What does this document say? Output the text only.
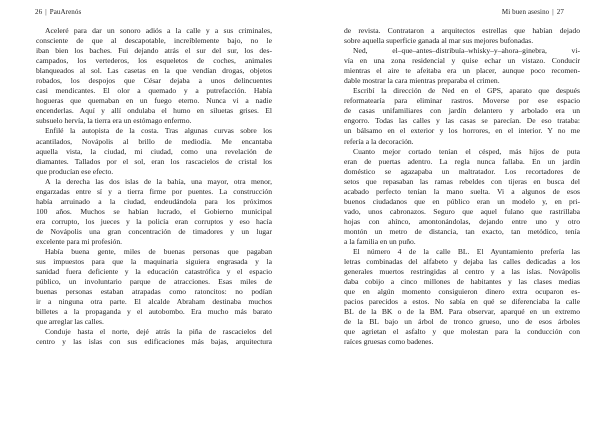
26 | PauArenós
Aceleré para dar un sonoro adiós a la calle y a sus criminales,
consciente de que al descapotable, increíblemente bajo, no le
iban bien los baches. Fui dejando atrás el sur del sur, los des-
campados, los vertederos, los esqueletos de coches, animales
blanqueados al sol. Las casetas en la que vendían drogas, objetos
robados, los despojos que César dejaba a unos delincuentes
casi mendicantes. El olor a quemado y a putrefacción. Había
hogueras que quemaban en un fuego eterno. Nunca vi a nadie
encenderlas. Aquí y allí ondulaba el humo en siluetas grises. El
subsuelo hervía, la tierra era un estómago enfermo.
Enfilé la autopista de la costa. Tras algunas curvas sobre los
acantilados, Novápolis al brillo de mediodía. Me encantaba
aquella vista, la ciudad, mi ciudad, como una revelación de
diamantes. Tallados por el sol, eran los rascacielos de cristal los
que producían ese efecto.
A la derecha las dos islas de la bahía, una mayor, otra menor,
engarzadas entre sí y a tierra firme por puentes. La construcción
había arruinado a la ciudad, endeudándola para los próximos
100 años. Muchos se habían lucrado, el Gobierno municipal
era corrupto, los jueces y la policía eran corruptos y eso hacía
de Novápolis una gran concentración de timadores y un lugar
excelente para mi profesión.
Había buena gente, miles de buenas personas que pagaban
sus impuestos para que la maquinaria siguiera engrasada y la
sanidad fuera deficiente y la educación catastrófica y el espacio
público, un involuntario parque de atracciones. Esas miles de
buenas personas estaban atrapadas como ratoncitos: no podían
ir a ninguna otra parte. El alcalde Abraham destinaba muchos
billetes a la propaganda y el autobombo. Era mucho más barato
que arreglar las calles.
Conduje hasta el norte, dejé atrás la piña de rascacielos del
centro y las islas con sus edificaciones más bajas, arquitectura
Mi buen asesino | 27
de revista. Contrataron a arquitectos estrellas que habían dejado
sobre aquella superficie ganada al mar sus mejores bufonadas.
Ned, el–que–antes–distribuía–whisky–y–ahora–ginebra, vi-
vía en una zona residencial y quise echar un vistazo. Conducir
mientras el aire te afeitaba era un placer, aunque poco recomen-
dable mostrar la cara mientras preparaba el crimen.
Escribí la dirección de Ned en el GPS, aparato que después
reformatearía para eliminar rastros. Moverse por ese espacio
de casas unifamiliares con jardín delantero y arbolado era un
engorro. Todas las calles y las casas se parecían. De eso trataba:
un bálsamo en el exterior y los horrores, en el interior. Y no me
refería a la decoración.
Cuanto mejor cortado tenían el césped, más hijos de puta
eran de puertas adentro. La regla nunca fallaba. En un jardín
doméstico se agazapaba un maltratador. Los recortadores de
setos que repasaban las ramas rebeldes con tijeras en busca del
acabado perfecto tenían la mano suelta. Vi a algunos de esos
buenos ciudadanos que en público eran un modelo y, en pri-
vado, unos cabronazos. Seguro que aquel fulano que rastrillaba
hojas con ahínco, amontonándolas, dejando entre uno y otro
montón un metro de distancia, tan exacto, tan metódico, tenía
a la familia en un puño.
El número 4 de la calle BL. El Ayuntamiento prefería las
letras combinadas del alfabeto y dejaba las calles dedicadas a los
generales muertos restringidas al centro y a las islas. Novápolis
daba cobijo a cinco millones de habitantes y las clases medias
que en algún momento consiguieron dinero extra ocuparon es-
pacios parecidos a estos. No sabía en qué se diferenciaba la calle
BL de la BK o de la BM. Para observar, aparqué en un extremo
de la BL bajo un árbol de tronco grueso, uno de esos árboles
que agrietan el asfalto y que molestan para la conducción con
raíces gruesas como badenes.
